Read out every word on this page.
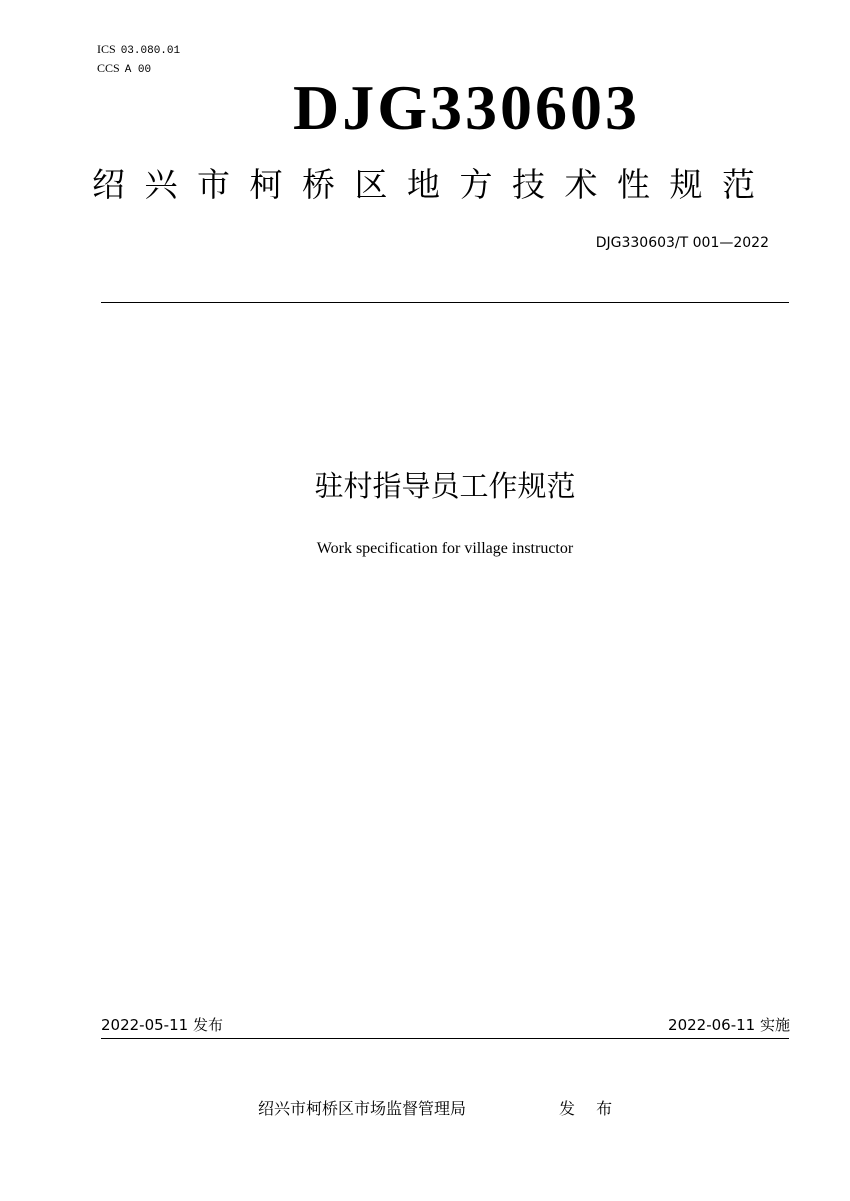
ICS 03.080.01
CCS A 00
DJG330603
绍兴市柯桥区地方技术性规范
DJG330603/T 001—2022
驻村指导员工作规范
Work specification for village instructor
2022-05-11 发布	2022-06-11 实施
绍兴市柯桥区市场监督管理局	发 布
